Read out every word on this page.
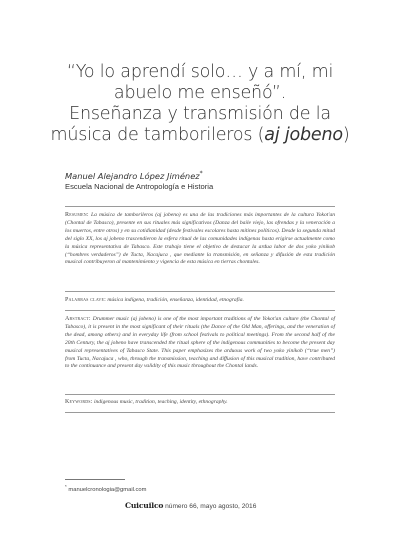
“Yo lo aprendí solo… y a mí, mi
abuelo me enseñó”.
Enseñanza y transmisión de la
música de tamborileros (aj jobeno)
Manuel Alejandro López Jiménez*
Escuela Nacional de Antropología e Historia
Resumen: La música de tamborileros (aj jobeno) es una de las tradiciones más importantes de la cultura Yokot'an (Chontal de Tabasco), presente en sus rituales más significativos (Danza del baile viejo, las ofrendas y la veneración a los muertos, entre otros) y en su cotidianidad (desde festivales escolares hasta mítines políticos). Desde la segunda mitad del siglo XX, los aj jobeno trascendieron la esfera ritual de las comunidades indígenas hasta erigirse actualmente como la música representativa de Tabasco. Este trabajo tiene el objetivo de destacar la ardua labor de dos yoko yinikob (“hombres verdaderos”) de Tucta, Nacajuca , que mediante la transmisión, en señanza y difusión de esta tradición musical contribuyeron al mantenimiento y vigencia de esta música en tierras chontales.
Palabras clave: música indígena, tradición, enseñanza, identidad, etnografía.
Abstract: Drummer music (aj jobeno) is one of the most important traditions of the Yokot'an culture (the Chontal of Tabasco), it is present in the most significant of their rituals (the Dance of the Old Man, offerings, and the veneration of the dead, among others) and in everyday life (from school festivals to political meetings). From the second half of the 20th Century, the aj jobeno have transcended the ritual sphere of the indigenous communities to become the present day musical representatives of Tabasco State. This paper emphasizes the arduous work of two yoko yinikob (“true men”) from Tucta, Nacajuca , who, through the transmission, teaching and diffusion of this musical tradition, have contributed to the continuance and present day validity of this music throughout the Chontal lands.
Keywords: indigenous music, tradition, teaching, identity, ethnography.
* manuelcronologia@gmail.com
Cuicuilco número 66, mayo agosto, 2016
